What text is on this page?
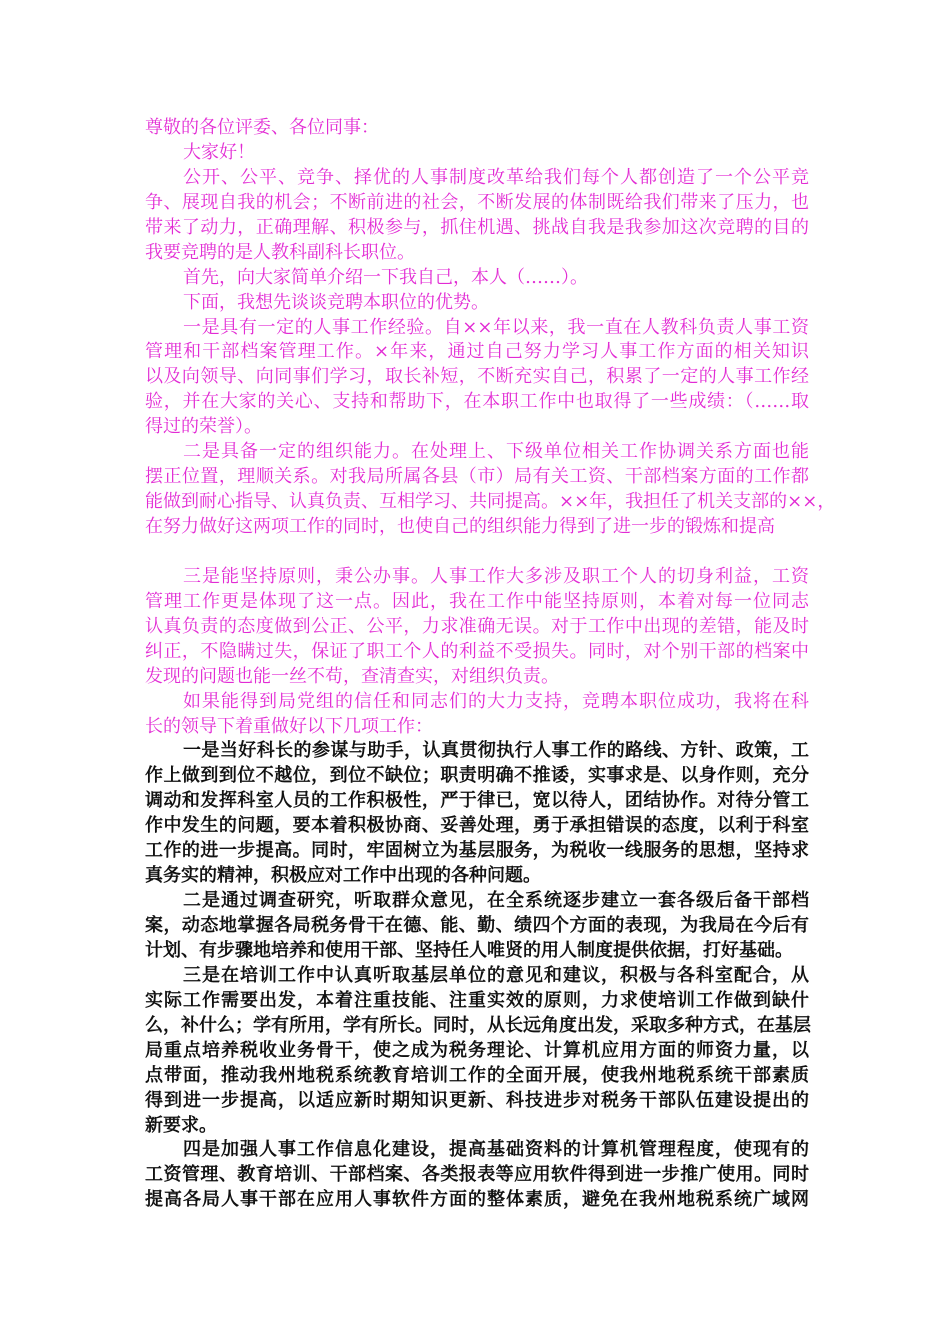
尊敬的各位评委、各位同事：
大家好！
公开、公平、竞争、择优的人事制度改革给我们每个人都创造了一个公平竞
争、展现自我的机会；不断前进的社会，不断发展的体制既给我们带来了压力，也
带来了动力，正确理解、积极参与，抓住机遇、挑战自我是我参加这次竞聘的目的
我要竞聘的是人教科副科长职位。
首先，向大家简单介绍一下我自己，本人（……）。
下面，我想先谈谈竞聘本职位的优势。
一是具有一定的人事工作经验。自××年以来，我一直在人教科负责人事工资
管理和干部档案管理工作。×年来，通过自己努力学习人事工作方面的相关知识
以及向领导、向同事们学习，取长补短，不断充实自己，积累了一定的人事工作经
验，并在大家的关心、支持和帮助下，在本职工作中也取得了一些成绩：（……取
得过的荣誉）。
二是具备一定的组织能力。在处理上、下级单位相关工作协调关系方面也能
摆正位置，理顺关系。对我局所属各县（市）局有关工资、干部档案方面的工作都
能做到耐心指导、认真负责、互相学习、共同提高。××年，我担任了机关支部的××，
在努力做好这两项工作的同时，也使自己的组织能力得到了进一步的锻炼和提高
三是能坚持原则，秉公办事。人事工作大多涉及职工个人的切身利益，工资
管理工作更是体现了这一点。因此，我在工作中能坚持原则，本着对每一位同志
认真负责的态度做到公正、公平，力求准确无误。对于工作中出现的差错，能及时
纠正，不隐瞒过失，保证了职工个人的利益不受损失。同时，对个别干部的档案中
发现的问题也能一丝不苟，查清查实，对组织负责。
如果能得到局党组的信任和同志们的大力支持，竞聘本职位成功，我将在科
长的领导下着重做好以下几项工作：
一是当好科长的参谋与助手，认真贯彻执行人事工作的路线、方针、政策，工
作上做到到位不越位，到位不缺位；职责明确不推诿，实事求是、以身作则，充分
调动和发挥科室人员的工作积极性，严于律已，宽以待人，团结协作。对待分管工
作中发生的问题，要本着积极协商、妥善处理，勇于承担错误的态度，以利于科室
工作的进一步提高。同时，牢固树立为基层服务，为税收一线服务的思想，坚持求
真务实的精神，积极应对工作中出现的各种问题。
二是通过调查研究，听取群众意见，在全系统逐步建立一套各级后备干部档
案，动态地掌握各局税务骨干在德、能、勤、绩四个方面的表现，为我局在今后有
计划、有步骤地培养和使用干部、坚持任人唯贤的用人制度提供依据，打好基础。
三是在培训工作中认真听取基层单位的意见和建议，积极与各科室配合，从
实际工作需要出发，本着注重技能、注重实效的原则，力求使培训工作做到缺什
么，补什么；学有所用，学有所长。同时，从长远角度出发，采取多种方式，在基层
局重点培养税收业务骨干，使之成为税务理论、计算机应用方面的师资力量，以
点带面，推动我州地税系统教育培训工作的全面开展，使我州地税系统干部素质
得到进一步提高，以适应新时期知识更新、科技进步对税务干部队伍建设提出的
新要求。
四是加强人事工作信息化建设，提高基础资料的计算机管理程度，使现有的
工资管理、教育培训、干部档案、各类报表等应用软件得到进一步推广使用。同时
提高各局人事干部在应用人事软件方面的整体素质，避免在我州地税系统广域网
